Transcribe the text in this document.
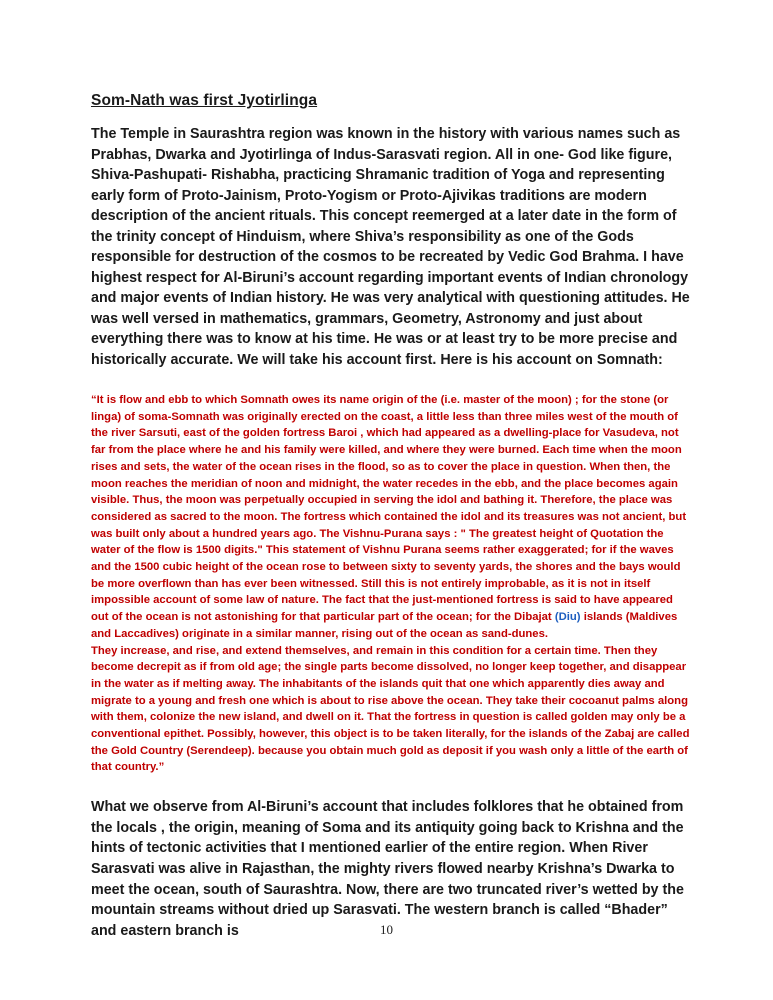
Som-Nath was first Jyotirlinga

The Temple in Saurashtra region was known in the history with various names such as Prabhas, Dwarka and Jyotirlinga of Indus-Sarasvati region. All in one- God like figure, Shiva-Pashupati- Rishabha, practicing Shramanic tradition of Yoga and representing early form of Proto-Jainism, Proto-Yogism or Proto-Ajivikas traditions are modern description of the ancient rituals. This concept reemerged at a later date in the form of the trinity concept of Hinduism, where Shiva’s responsibility as one of the Gods responsible for destruction of the cosmos to be recreated by Vedic God Brahma. I have highest respect for Al-Biruni’s account regarding important events of Indian chronology and major events of Indian history. He was very analytical with questioning attitudes. He was well versed in mathematics, grammars, Geometry, Astronomy and just about everything there was to know at his time. He was or at least try to be more precise and historically accurate. We will take his account first. Here is his account on Somnath:

“It is flow and ebb to which Somnath owes its name origin of the (i.e. master of the moon) ; for the stone (or linga) of soma-Somnath was originally erected on the coast, a little less than three miles west of the mouth of the river Sarsuti, east of the golden fortress Baroi , which had appeared as a dwelling-place for Vasudeva, not far from the place where he and his family were killed, and where they were burned. Each time when the moon rises and sets, the water of the ocean rises in the flood, so as to cover the place in question. When then, the moon reaches the meridian of noon and midnight, the water recedes in the ebb, and the place becomes again visible. Thus, the moon was perpetually occupied in serving the idol and bathing it. Therefore, the place was considered as sacred to the moon. The fortress which contained the idol and its treasures was not ancient, but was built only about a hundred years ago. The Vishnu-Purana says : " The greatest height of Quotation the water of the flow is 1500 digits." This statement of Vishnu Purana seems rather exaggerated; for if the waves and the 1500 cubic height of the ocean rose to between sixty to seventy yards, the shores and the bays would be more overflown than has ever been witnessed. Still this is not entirely improbable, as it is not in itself impossible account of some law of nature. The fact that the just-mentioned fortress is said to have appeared out of the ocean is not astonishing for that particular part of the ocean; for the Dibajat (Diu) islands (Maldives and Laccadives) originate in a similar manner, rising out of the ocean as sand-dunes.
They increase, and rise, and extend themselves, and remain in this condition for a certain time. Then they become decrepit as if from old age; the single parts become dissolved, no longer keep together, and disappear in the water as if melting away. The inhabitants of the islands quit that one which apparently dies away and migrate to a young and fresh one which is about to rise above the ocean. They take their cocoanut palms along with them, colonize the new island, and dwell on it. That the fortress in question is called golden may only be a conventional epithet. Possibly, however, this object is to be taken literally, for the islands of the Zabaj are called the Gold Country (Serendeep). because you obtain much gold as deposit if you wash only a little of the earth of that country.”

What we observe from Al-Biruni’s account that includes folklores that he obtained from the locals , the origin, meaning of Soma and its antiquity going back to Krishna and the hints of tectonic activities that I mentioned earlier of the entire region. When River Sarasvati was alive in Rajasthan, the mighty rivers flowed nearby Krishna’s Dwarka to meet the ocean, south of Saurashtra. Now, there are two truncated river’s wetted by the mountain streams without dried up Sarasvati. The western branch is called “Bhader” and eastern branch is	10
